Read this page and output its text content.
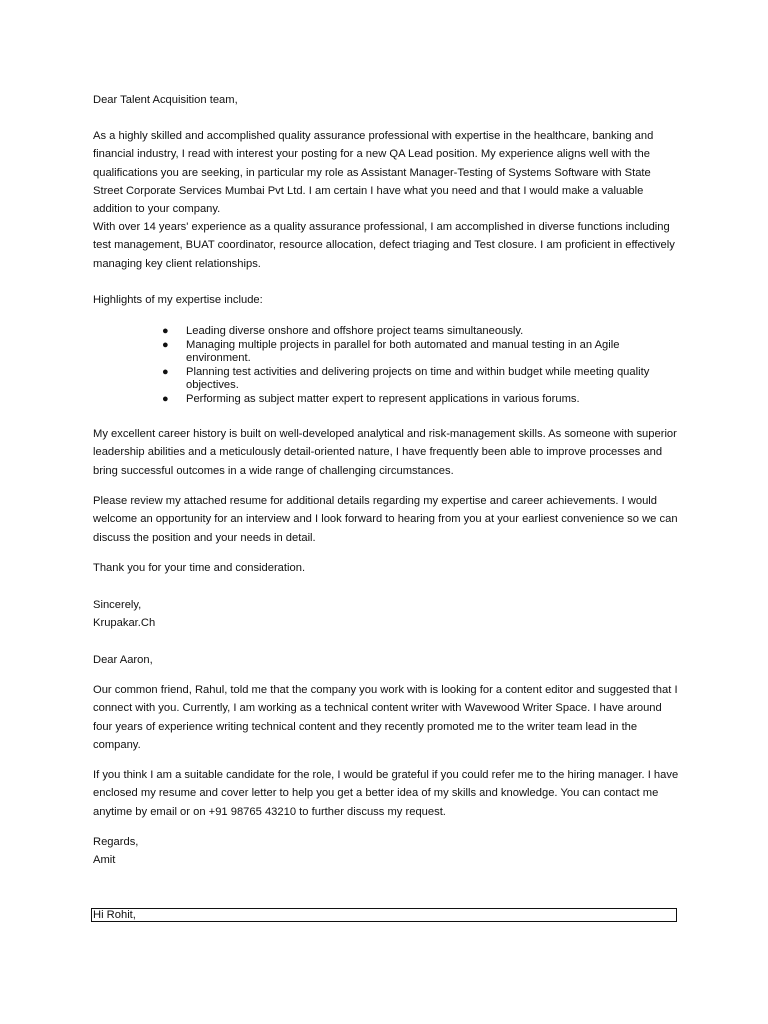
Dear Talent Acquisition team,

As a highly skilled and accomplished quality assurance professional with expertise in the healthcare, banking and financial industry, I read with interest your posting for a new QA Lead position. My experience aligns well with the qualifications you are seeking, in particular my role as Assistant Manager-Testing of Systems Software with State Street Corporate Services Mumbai Pvt Ltd. I am certain I have what you need and that I would make a valuable addition to your company.

With over 14 years' experience as a quality assurance professional, I am accomplished in diverse functions including test management, BUAT coordinator, resource allocation, defect triaging and Test closure. I am proficient in effectively managing key client relationships.

Highlights of my expertise include:

● Leading diverse onshore and offshore project teams simultaneously.
● Managing multiple projects in parallel for both automated and manual testing in an Agile environment.
● Planning test activities and delivering projects on time and within budget while meeting quality objectives.
● Performing as subject matter expert to represent applications in various forums.

My excellent career history is built on well-developed analytical and risk-management skills. As someone with superior leadership abilities and a meticulously detail-oriented nature, I have frequently been able to improve processes and bring successful outcomes in a wide range of challenging circumstances.

Please review my attached resume for additional details regarding my expertise and career achievements. I would welcome an opportunity for an interview and I look forward to hearing from you at your earliest convenience so we can discuss the position and your needs in detail.

Thank you for your time and consideration.

Sincerely,

Krupakar.Ch

Dear Aaron,

Our common friend, Rahul, told me that the company you work with is looking for a content editor and suggested that I connect with you. Currently, I am working as a technical content writer with Wavewood Writer Space. I have around four years of experience writing technical content and they recently promoted me to the writer team lead in the company.

If you think I am a suitable candidate for the role, I would be grateful if you could refer me to the hiring manager. I have enclosed my resume and cover letter to help you get a better idea of my skills and knowledge. You can contact me anytime by email or on +91 98765 43210 to further discuss my request.

Regards,

Amit

Hi Rohit,
